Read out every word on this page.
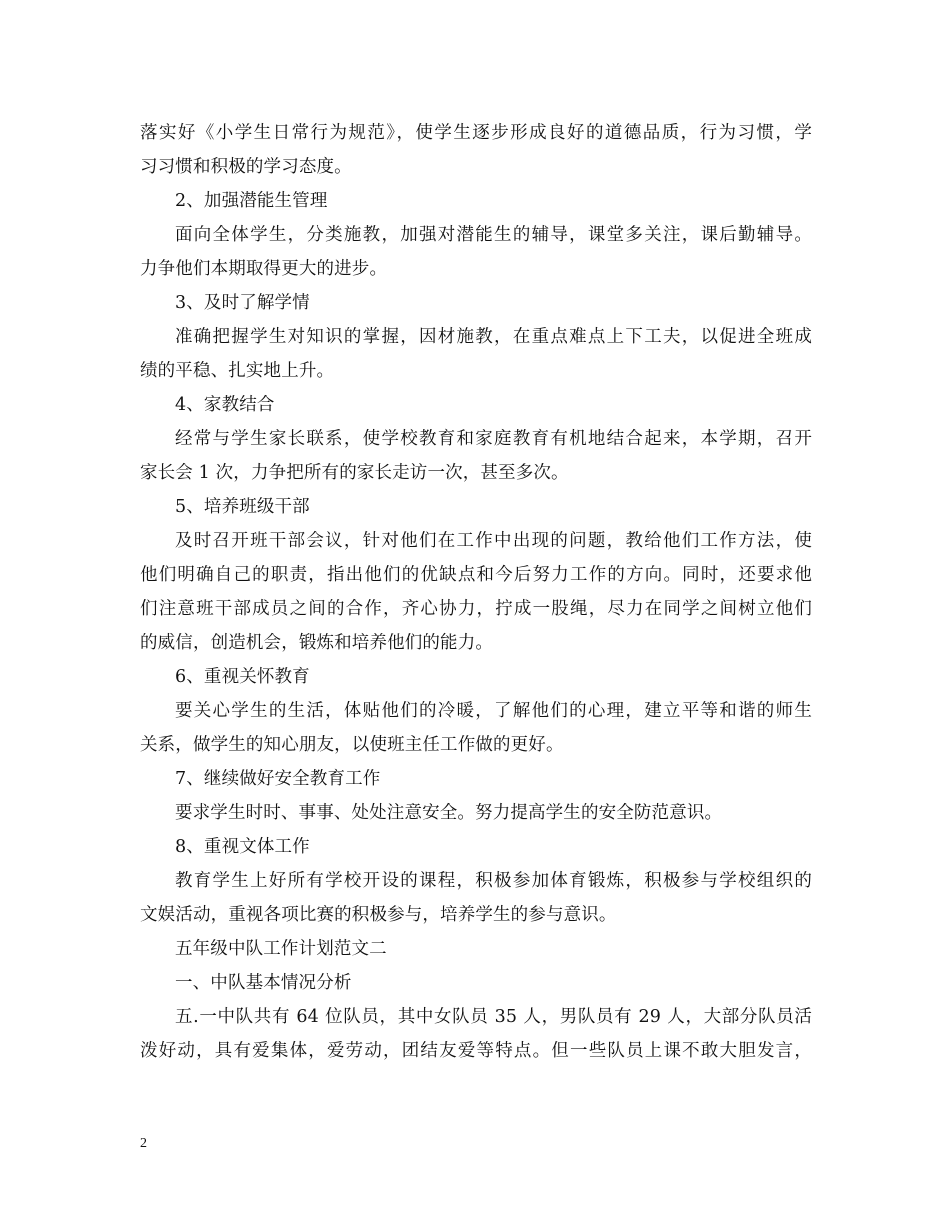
落实好《小学生日常行为规范》，使学生逐步形成良好的道德品质，行为习惯，学
习习惯和积极的学习态度。
2、加强潜能生管理
面向全体学生，分类施教，加强对潜能生的辅导，课堂多关注，课后勤辅导。
力争他们本期取得更大的进步。
3、及时了解学情
准确把握学生对知识的掌握，因材施教，在重点难点上下工夫，以促进全班成
绩的平稳、扎实地上升。
4、家教结合
经常与学生家长联系，使学校教育和家庭教育有机地结合起来，本学期，召开
家长会 1 次，力争把所有的家长走访一次，甚至多次。
5、培养班级干部
及时召开班干部会议，针对他们在工作中出现的问题，教给他们工作方法，使
他们明确自己的职责，指出他们的优缺点和今后努力工作的方向。同时，还要求他
们注意班干部成员之间的合作，齐心协力，拧成一股绳，尽力在同学之间树立他们
的威信，创造机会，锻炼和培养他们的能力。
6、重视关怀教育
要关心学生的生活，体贴他们的冷暖，了解他们的心理，建立平等和谐的师生
关系，做学生的知心朋友，以使班主任工作做的更好。
7、继续做好安全教育工作
要求学生时时、事事、处处注意安全。努力提高学生的安全防范意识。
8、重视文体工作
教育学生上好所有学校开设的课程，积极参加体育锻炼，积极参与学校组织的
文娱活动，重视各项比赛的积极参与，培养学生的参与意识。
五年级中队工作计划范文二
一、中队基本情况分析
五.一中队共有 64 位队员，其中女队员 35 人，男队员有 29 人，大部分队员活
泼好动，具有爱集体，爱劳动，团结友爱等特点。但一些队员上课不敢大胆发言，
2
